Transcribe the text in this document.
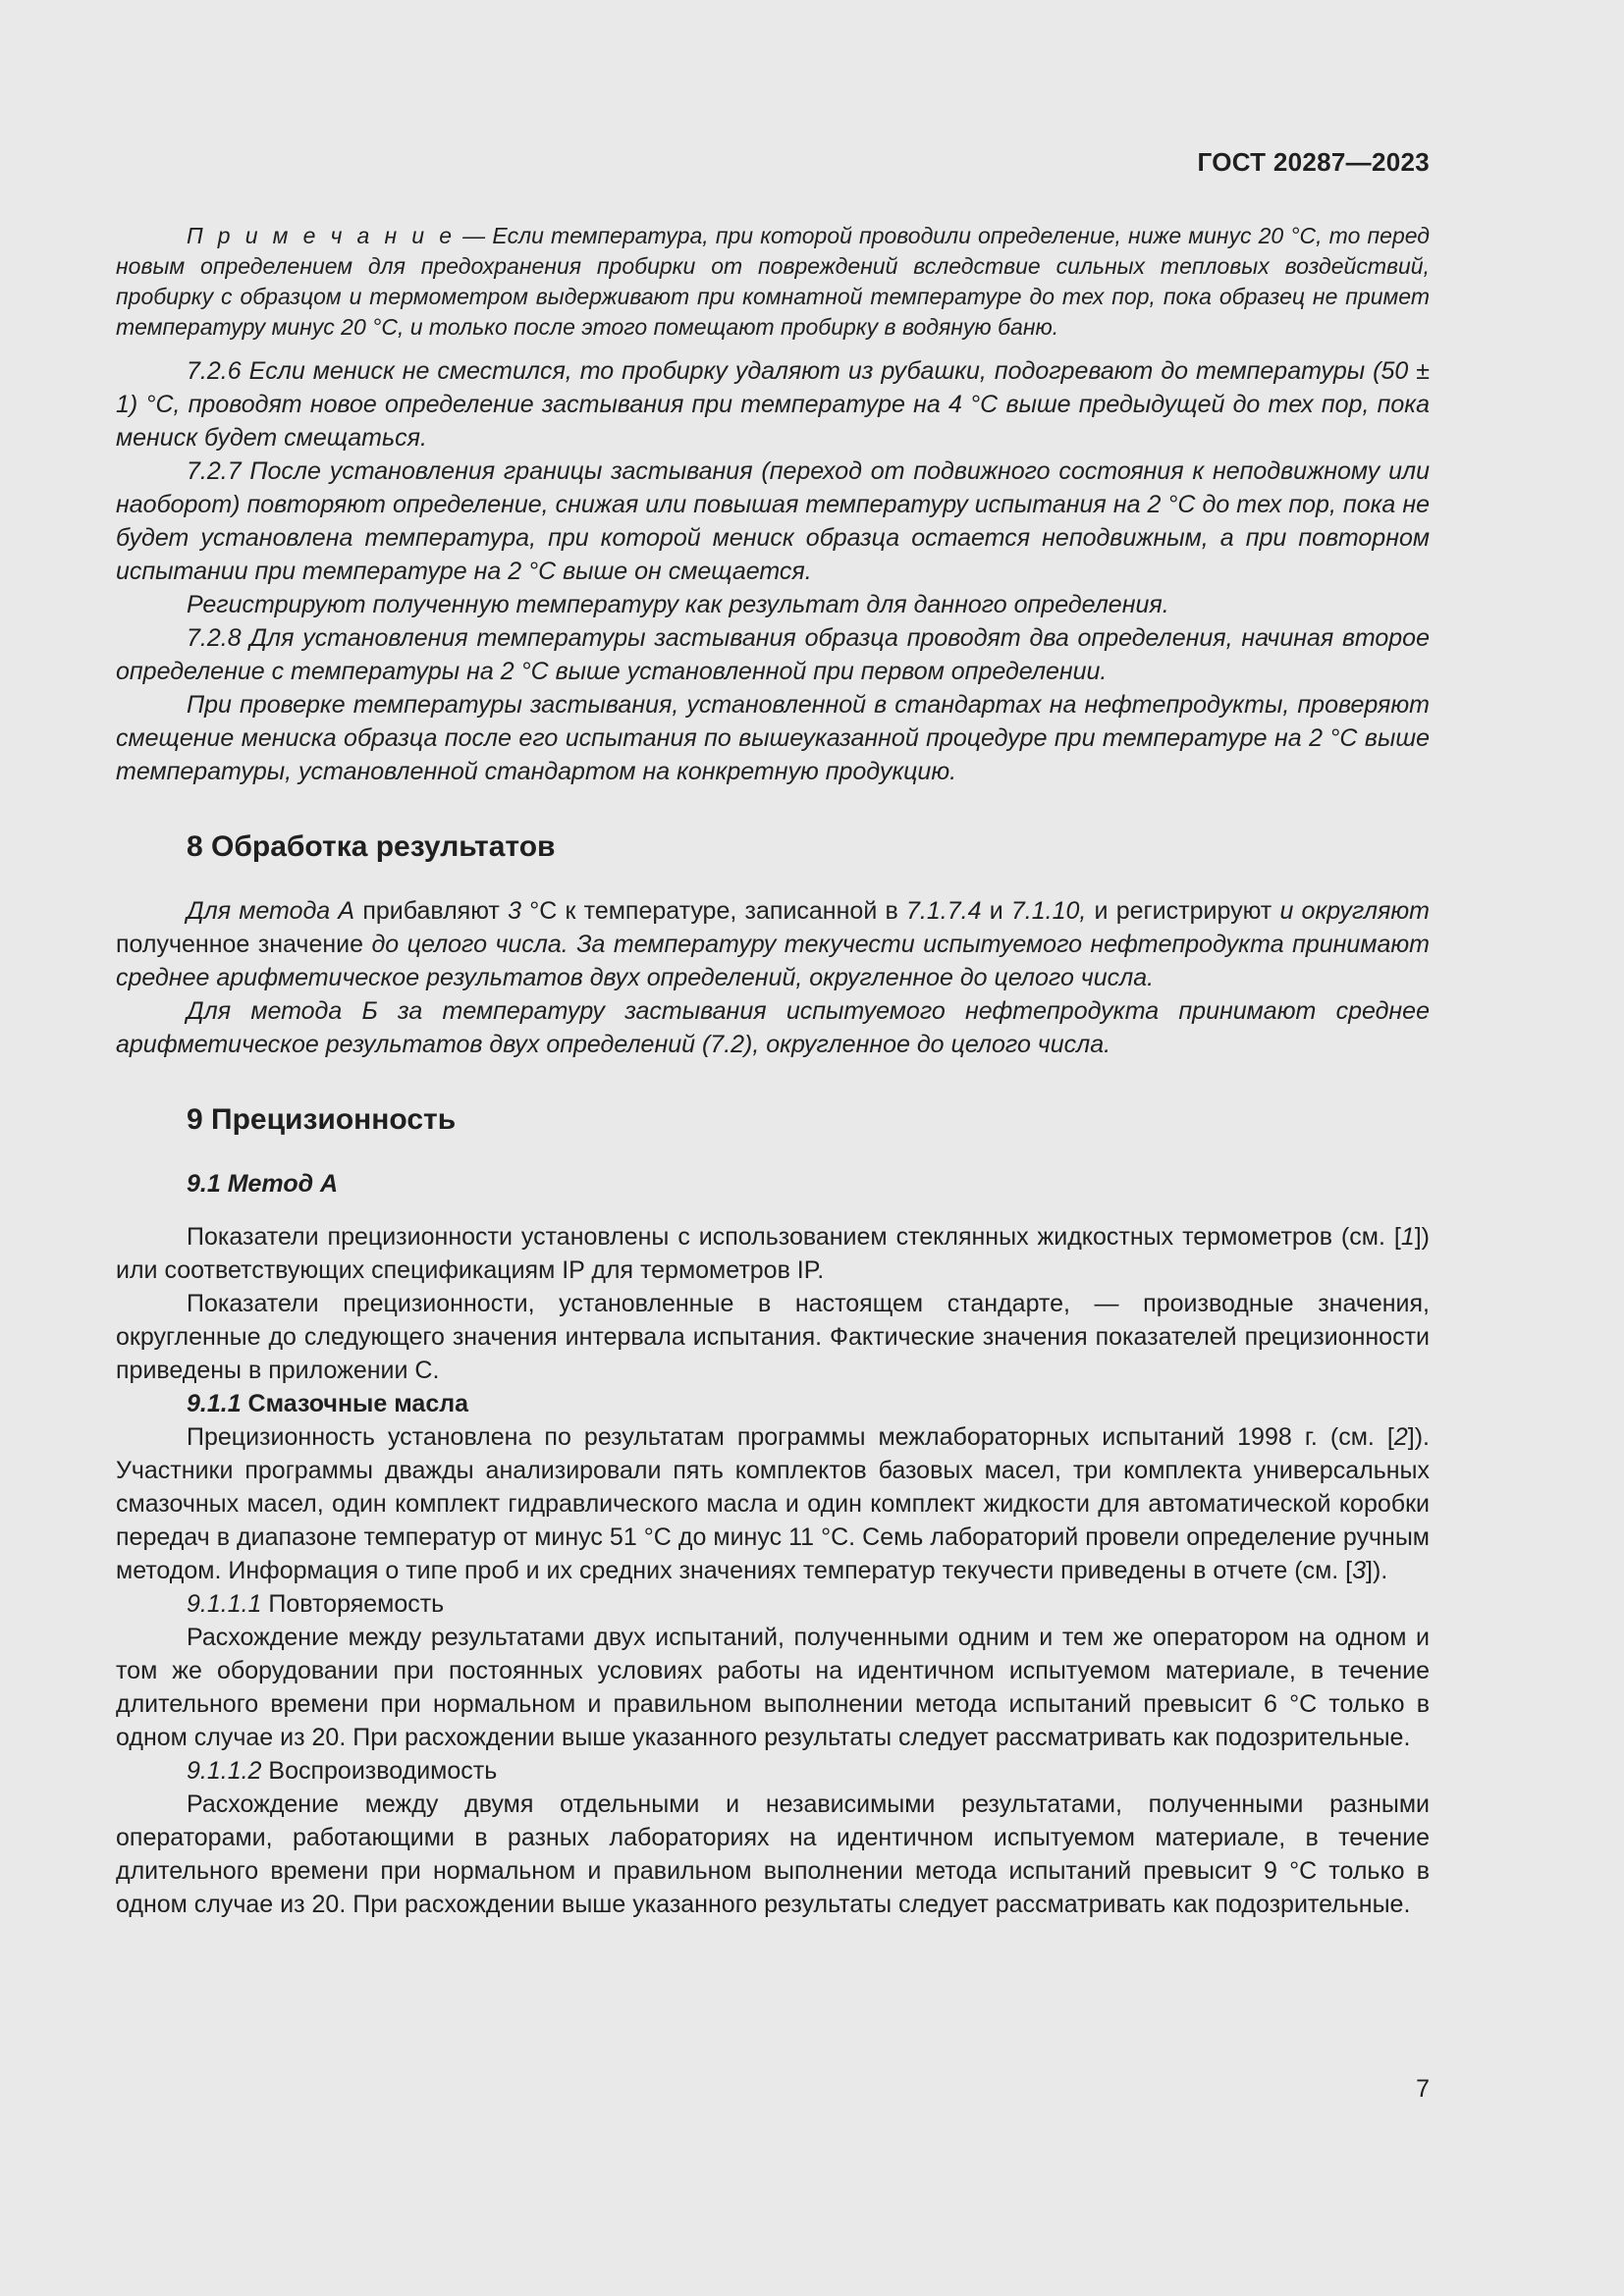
ГОСТ 20287—2023

П р и м е ч а н и е — Если температура, при которой проводили определение, ниже минус 20 °С, то перед новым определением для предохранения пробирки от повреждений вследствие сильных тепловых воздействий, пробирку с образцом и термометром выдерживают при комнатной температуре до тех пор, пока образец не примет температуру минус 20 °С, и только после этого помещают пробирку в водяную баню.

7.2.6 Если мениск не сместился, то пробирку удаляют из рубашки, подогревают до температуры (50 ± 1) °С, проводят новое определение застывания при температуре на 4 °С выше предыдущей до тех пор, пока мениск будет смещаться.

7.2.7 После установления границы застывания (переход от подвижного состояния к неподвижному или наоборот) повторяют определение, снижая или повышая температуру испытания на 2 °С до тех пор, пока не будет установлена температура, при которой мениск образца остается неподвижным, а при повторном испытании при температуре на 2 °С выше он смещается.

Регистрируют полученную температуру как результат для данного определения.

7.2.8 Для установления температуры застывания образца проводят два определения, начиная второе определение с температуры на 2 °С выше установленной при первом определении.

При проверке температуры застывания, установленной в стандартах на нефтепродукты, проверяют смещение мениска образца после его испытания по вышеуказанной процедуре при температуре на 2 °С выше температуры, установленной стандартом на конкретную продукцию.

8 Обработка результатов

Для метода А прибавляют 3 °С к температуре, записанной в 7.1.7.4 и 7.1.10, и регистрируют и округляют полученное значение до целого числа. За температуру текучести испытуемого нефтепродукта принимают среднее арифметическое результатов двух определений, округленное до целого числа.

Для метода Б за температуру застывания испытуемого нефтепродукта принимают среднее арифметическое результатов двух определений (7.2), округленное до целого числа.

9 Прецизионность
9.1 Метод А

Показатели прецизионности установлены с использованием стеклянных жидкостных термометров (см. [1]) или соответствующих спецификациям IP для термометров IP.

Показатели прецизионности, установленные в настоящем стандарте, — производные значения, округленные до следующего значения интервала испытания. Фактические значения показателей прецизионности приведены в приложении С.

9.1.1 Смазочные масла

Прецизионность установлена по результатам программы межлабораторных испытаний 1998 г. (см. [2]). Участники программы дважды анализировали пять комплектов базовых масел, три комплекта универсальных смазочных масел, один комплект гидравлического масла и один комплект жидкости для автоматической коробки передач в диапазоне температур от минус 51 °С до минус 11 °С. Семь лабораторий провели определение ручным методом. Информация о типе проб и их средних значениях температур текучести приведены в отчете (см. [3]).

9.1.1.1 Повторяемость

Расхождение между результатами двух испытаний, полученными одним и тем же оператором на одном и том же оборудовании при постоянных условиях работы на идентичном испытуемом материале, в течение длительного времени при нормальном и правильном выполнении метода испытаний превысит 6 °С только в одном случае из 20. При расхождении выше указанного результаты следует рассматривать как подозрительные.

9.1.1.2 Воспроизводимость

Расхождение между двумя отдельными и независимыми результатами, полученными разными операторами, работающими в разных лабораториях на идентичном испытуемом материале, в течение длительного времени при нормальном и правильном выполнении метода испытаний превысит 9 °С только в одном случае из 20. При расхождении выше указанного результаты следует рассматривать как подозрительные.

7
